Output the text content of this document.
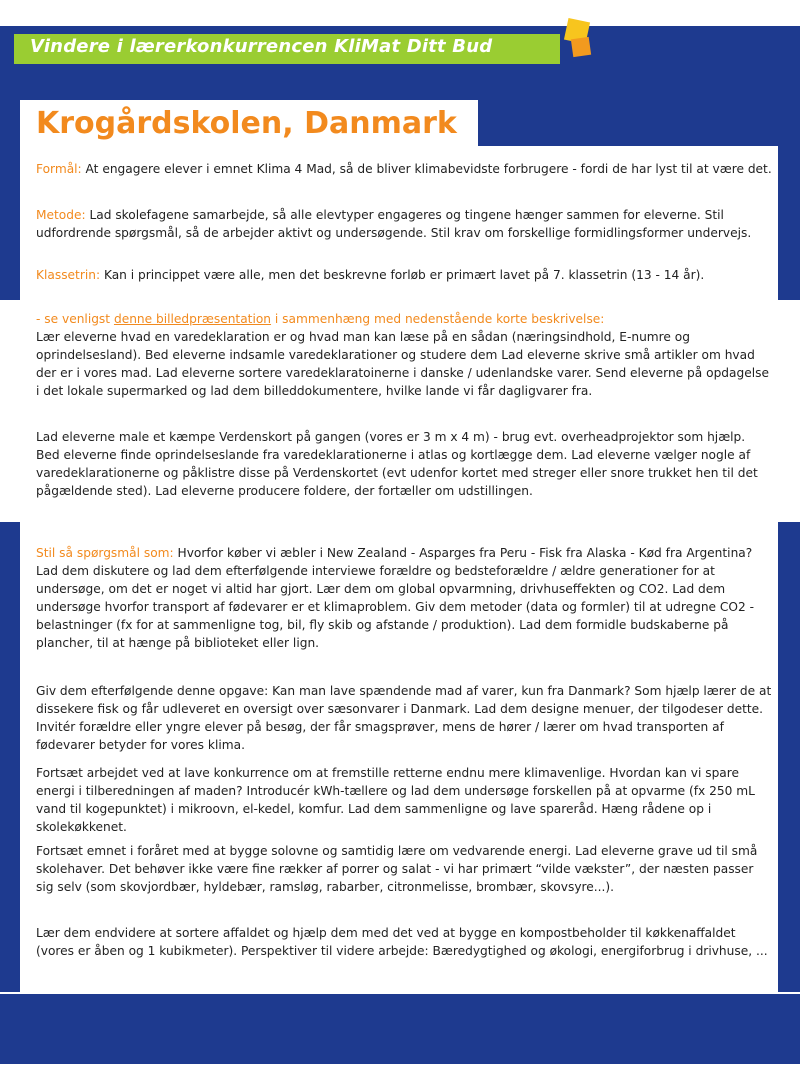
Vindere i lærerkonkurrencen KliMat Ditt Bud
Krogårdskolen, Danmark
Formål: At engagere elever i emnet Klima 4 Mad, så de bliver klimabevidste forbrugere - fordi de har lyst til at være det.
Metode: Lad skolefagene samarbejde, så alle elevtyper engageres og tingene hænger sammen for eleverne. Stil udfordrende spørgsmål, så de arbejder aktivt og undersøgende. Stil krav om forskellige formidlingsformer undervejs.
Klassetrin: Kan i princippet være alle, men det beskrevne forløb er primært lavet på 7. klassetrin (13 - 14 år).
- se venligst denne billedpræsentation i sammenhæng med nedenstående korte beskrivelse:
Lær eleverne hvad en varedeklaration er og hvad man kan læse på en sådan (næringsindhold, E-numre og oprindelsesland). Bed eleverne indsamle varedeklarationer og studere dem Lad eleverne skrive små artikler om hvad der er i vores mad. Lad eleverne sortere varedeklaratoinerne i danske / udenlandske varer. Send eleverne på opdagelse i det lokale supermarked og lad dem billeddokumentere, hvilke lande vi får dagligvarer fra.
Lad eleverne male et kæmpe Verdenskort på gangen (vores er 3 m x 4 m) - brug evt. overheadprojektor som hjælp. Bed eleverne finde oprindelseslande fra varedeklarationerne i atlas og kortlægge dem. Lad eleverne vælger nogle af varedeklarationerne og påklistre disse på Verdenskortet (evt udenfor kortet med streger eller snore trukket hen til det pågældende sted). Lad eleverne producere foldere, der fortæller om udstillingen.
Stil så spørgsmål som: Hvorfor køber vi æbler i New Zealand - Asparges fra Peru - Fisk fra Alaska - Kød fra Argentina? Lad dem diskutere og lad dem efterfølgende interviewe forældre og bedsteforældre / ældre generationer for at undersøge, om det er noget vi altid har gjort. Lær dem om global opvarmning, drivhuseffekten og CO2. Lad dem undersøge hvorfor transport af fødevarer er et klimaproblem. Giv dem metoder (data og formler) til at udregne CO2 - belastninger (fx for at sammenligne tog, bil, fly skib og afstande / produktion). Lad dem formidle budskaberne på plancher, til at hænge på biblioteket eller lign.
Giv dem efterfølgende denne opgave: Kan man lave spændende mad af varer, kun fra Danmark? Som hjælp lærer de at dissekere fisk og får udleveret en oversigt over sæsonvarer i Danmark. Lad dem designe menuer, der tilgodeser dette. Invitér forældre eller yngre elever på besøg, der får smagsprøver, mens de hører / lærer om hvad transporten af fødevarer betyder for vores klima.
Fortsæt arbejdet ved at lave konkurrence om at fremstille retterne endnu mere klimavenlige. Hvordan kan vi spare energi i tilberedningen af maden? Introducér kWh-tællere og lad dem undersøge forskellen på at opvarme (fx 250 mL vand til kogepunktet) i mikroovn, el-kedel, komfur. Lad dem sammenligne og lave spareråd. Hæng rådene op i skolekøkkenet.
Fortsæt emnet i foråret med at bygge solovne og samtidig lære om vedvarende energi. Lad eleverne grave ud til små skolehaver. Det behøver ikke være fine rækker af porrer og salat - vi har primært “vilde vækster”, der næsten passer sig selv (som skovjordbær, hyldebær, ramsløg, rabarber, citronmelisse, brombær, skovsyre...).
Lær dem endvidere at sortere affaldet og hjælp dem med det ved at bygge en kompostbeholder til køkkenaffaldet (vores er åben og 1 kubikmeter). Perspektiver til videre arbejde: Bæredygtighed og økologi, energiforbrug i drivhuse, ...
